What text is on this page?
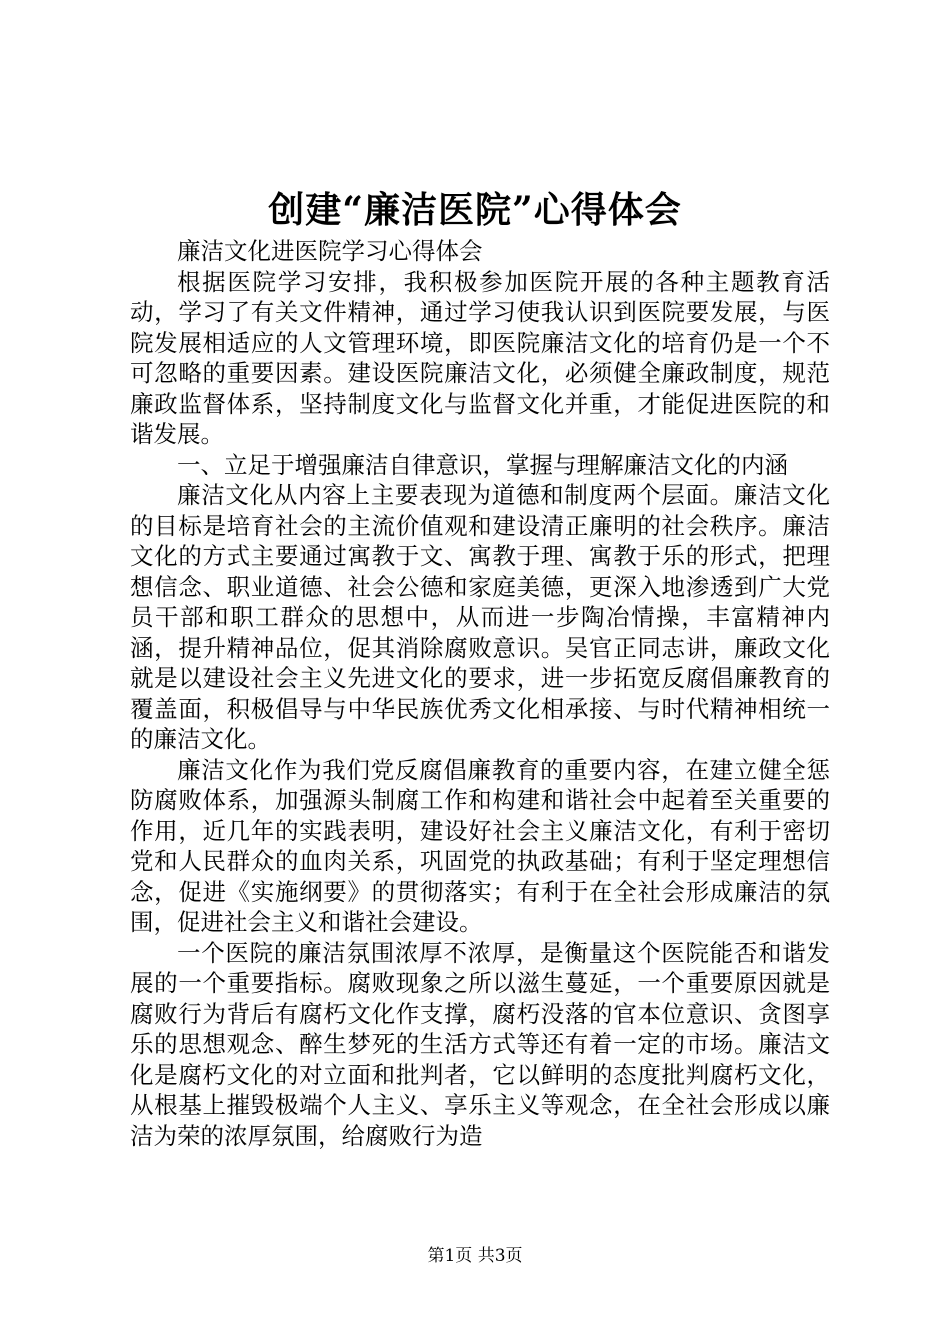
创建“廉洁医院”心得体会

廉洁文化进医院学习心得体会

根据医院学习安排，我积极参加医院开展的各种主题教育活动，学习了有关文件精神，通过学习使我认识到医院要发展，与医院发展相适应的人文管理环境，即医院廉洁文化的培育仍是一个不可忽略的重要因素。建设医院廉洁文化，必须健全廉政制度，规范廉政监督体系，坚持制度文化与监督文化并重，才能促进医院的和谐发展。

一、立足于增强廉洁自律意识，掌握与理解廉洁文化的内涵

廉洁文化从内容上主要表现为道德和制度两个层面。廉洁文化的目标是培育社会的主流价值观和建设清正廉明的社会秩序。廉洁文化的方式主要通过寓教于文、寓教于理、寓教于乐的形式，把理想信念、职业道德、社会公德和家庭美德，更深入地渗透到广大党员干部和职工群众的思想中，从而进一步陶冶情操，丰富精神内涵，提升精神品位，促其消除腐败意识。吴官正同志讲，廉政文化就是以建设社会主义先进文化的要求，进一步拓宽反腐倡廉教育的覆盖面，积极倡导与中华民族优秀文化相承接、与时代精神相统一的廉洁文化。

廉洁文化作为我们党反腐倡廉教育的重要内容，在建立健全惩防腐败体系，加强源头制腐工作和构建和谐社会中起着至关重要的作用，近几年的实践表明，建设好社会主义廉洁文化，有利于密切党和人民群众的血肉关系，巩固党的执政基础；有利于坚定理想信念，促进《实施纲要》的贯彻落实；有利于在全社会形成廉洁的氛围，促进社会主义和谐社会建设。

一个医院的廉洁氛围浓厚不浓厚，是衡量这个医院能否和谐发展的一个重要指标。腐败现象之所以滋生蔓延，一个重要原因就是腐败行为背后有腐朽文化作支撑，腐朽没落的官本位意识、贪图享乐的思想观念、醉生梦死的生活方式等还有着一定的市场。廉洁文化是腐朽文化的对立面和批判者，它以鲜明的态度批判腐朽文化，从根基上摧毁极端个人主义、享乐主义等观念，在全社会形成以廉洁为荣的浓厚氛围，给腐败行为造

第1页 共3页
